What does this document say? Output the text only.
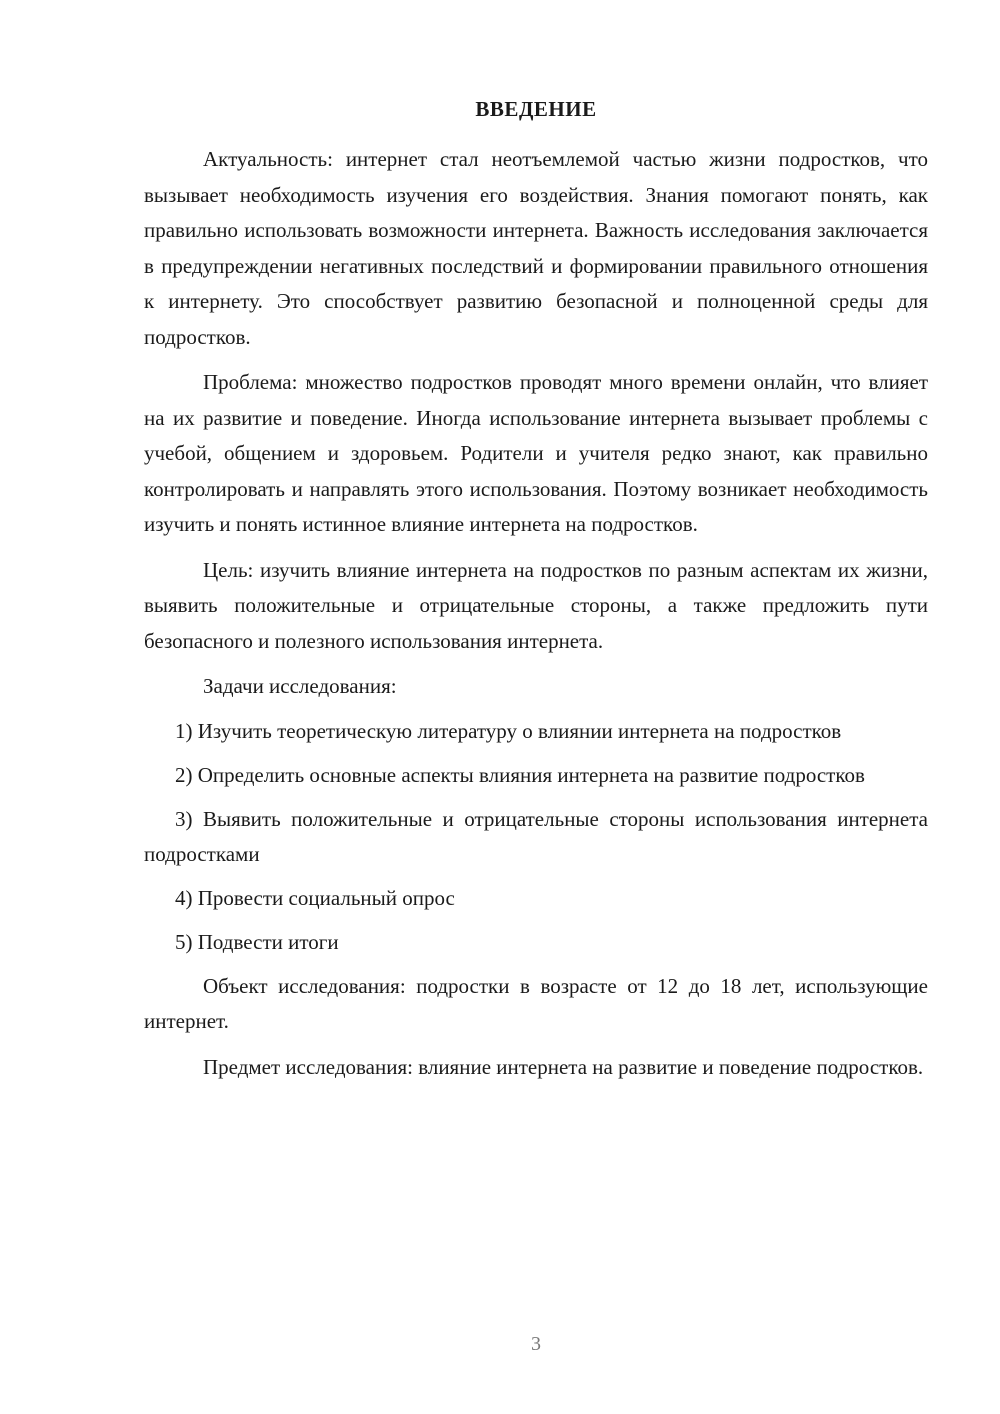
ВВЕДЕНИЕ

Актуальность: интернет стал неотъемлемой частью жизни подростков, что вызывает необходимость изучения его воздействия. Знания помогают понять, как правильно использовать возможности интернета. Важность исследования заключается в предупреждении негативных последствий и формировании правильного отношения к интернету. Это способствует развитию безопасной и полноценной среды для подростков.

Проблема: множество подростков проводят много времени онлайн, что влияет на их развитие и поведение. Иногда использование интернета вызывает проблемы с учебой, общением и здоровьем. Родители и учителя редко знают, как правильно контролировать и направлять этого использования. Поэтому возникает необходимость изучить и понять истинное влияние интернета на подростков.

Цель: изучить влияние интернета на подростков по разным аспектам их жизни, выявить положительные и отрицательные стороны, а также предложить пути безопасного и полезного использования интернета.

Задачи исследования:

1) Изучить теоретическую литературу о влиянии интернета на подростков

2) Определить основные аспекты влияния интернета на развитие подростков

3) Выявить положительные и отрицательные стороны использования интернета подростками

4) Провести социальный опрос

5) Подвести итоги

Объект исследования: подростки в возрасте от 12 до 18 лет, использующие интернет.

Предмет исследования: влияние интернета на развитие и поведение подростков.

3
